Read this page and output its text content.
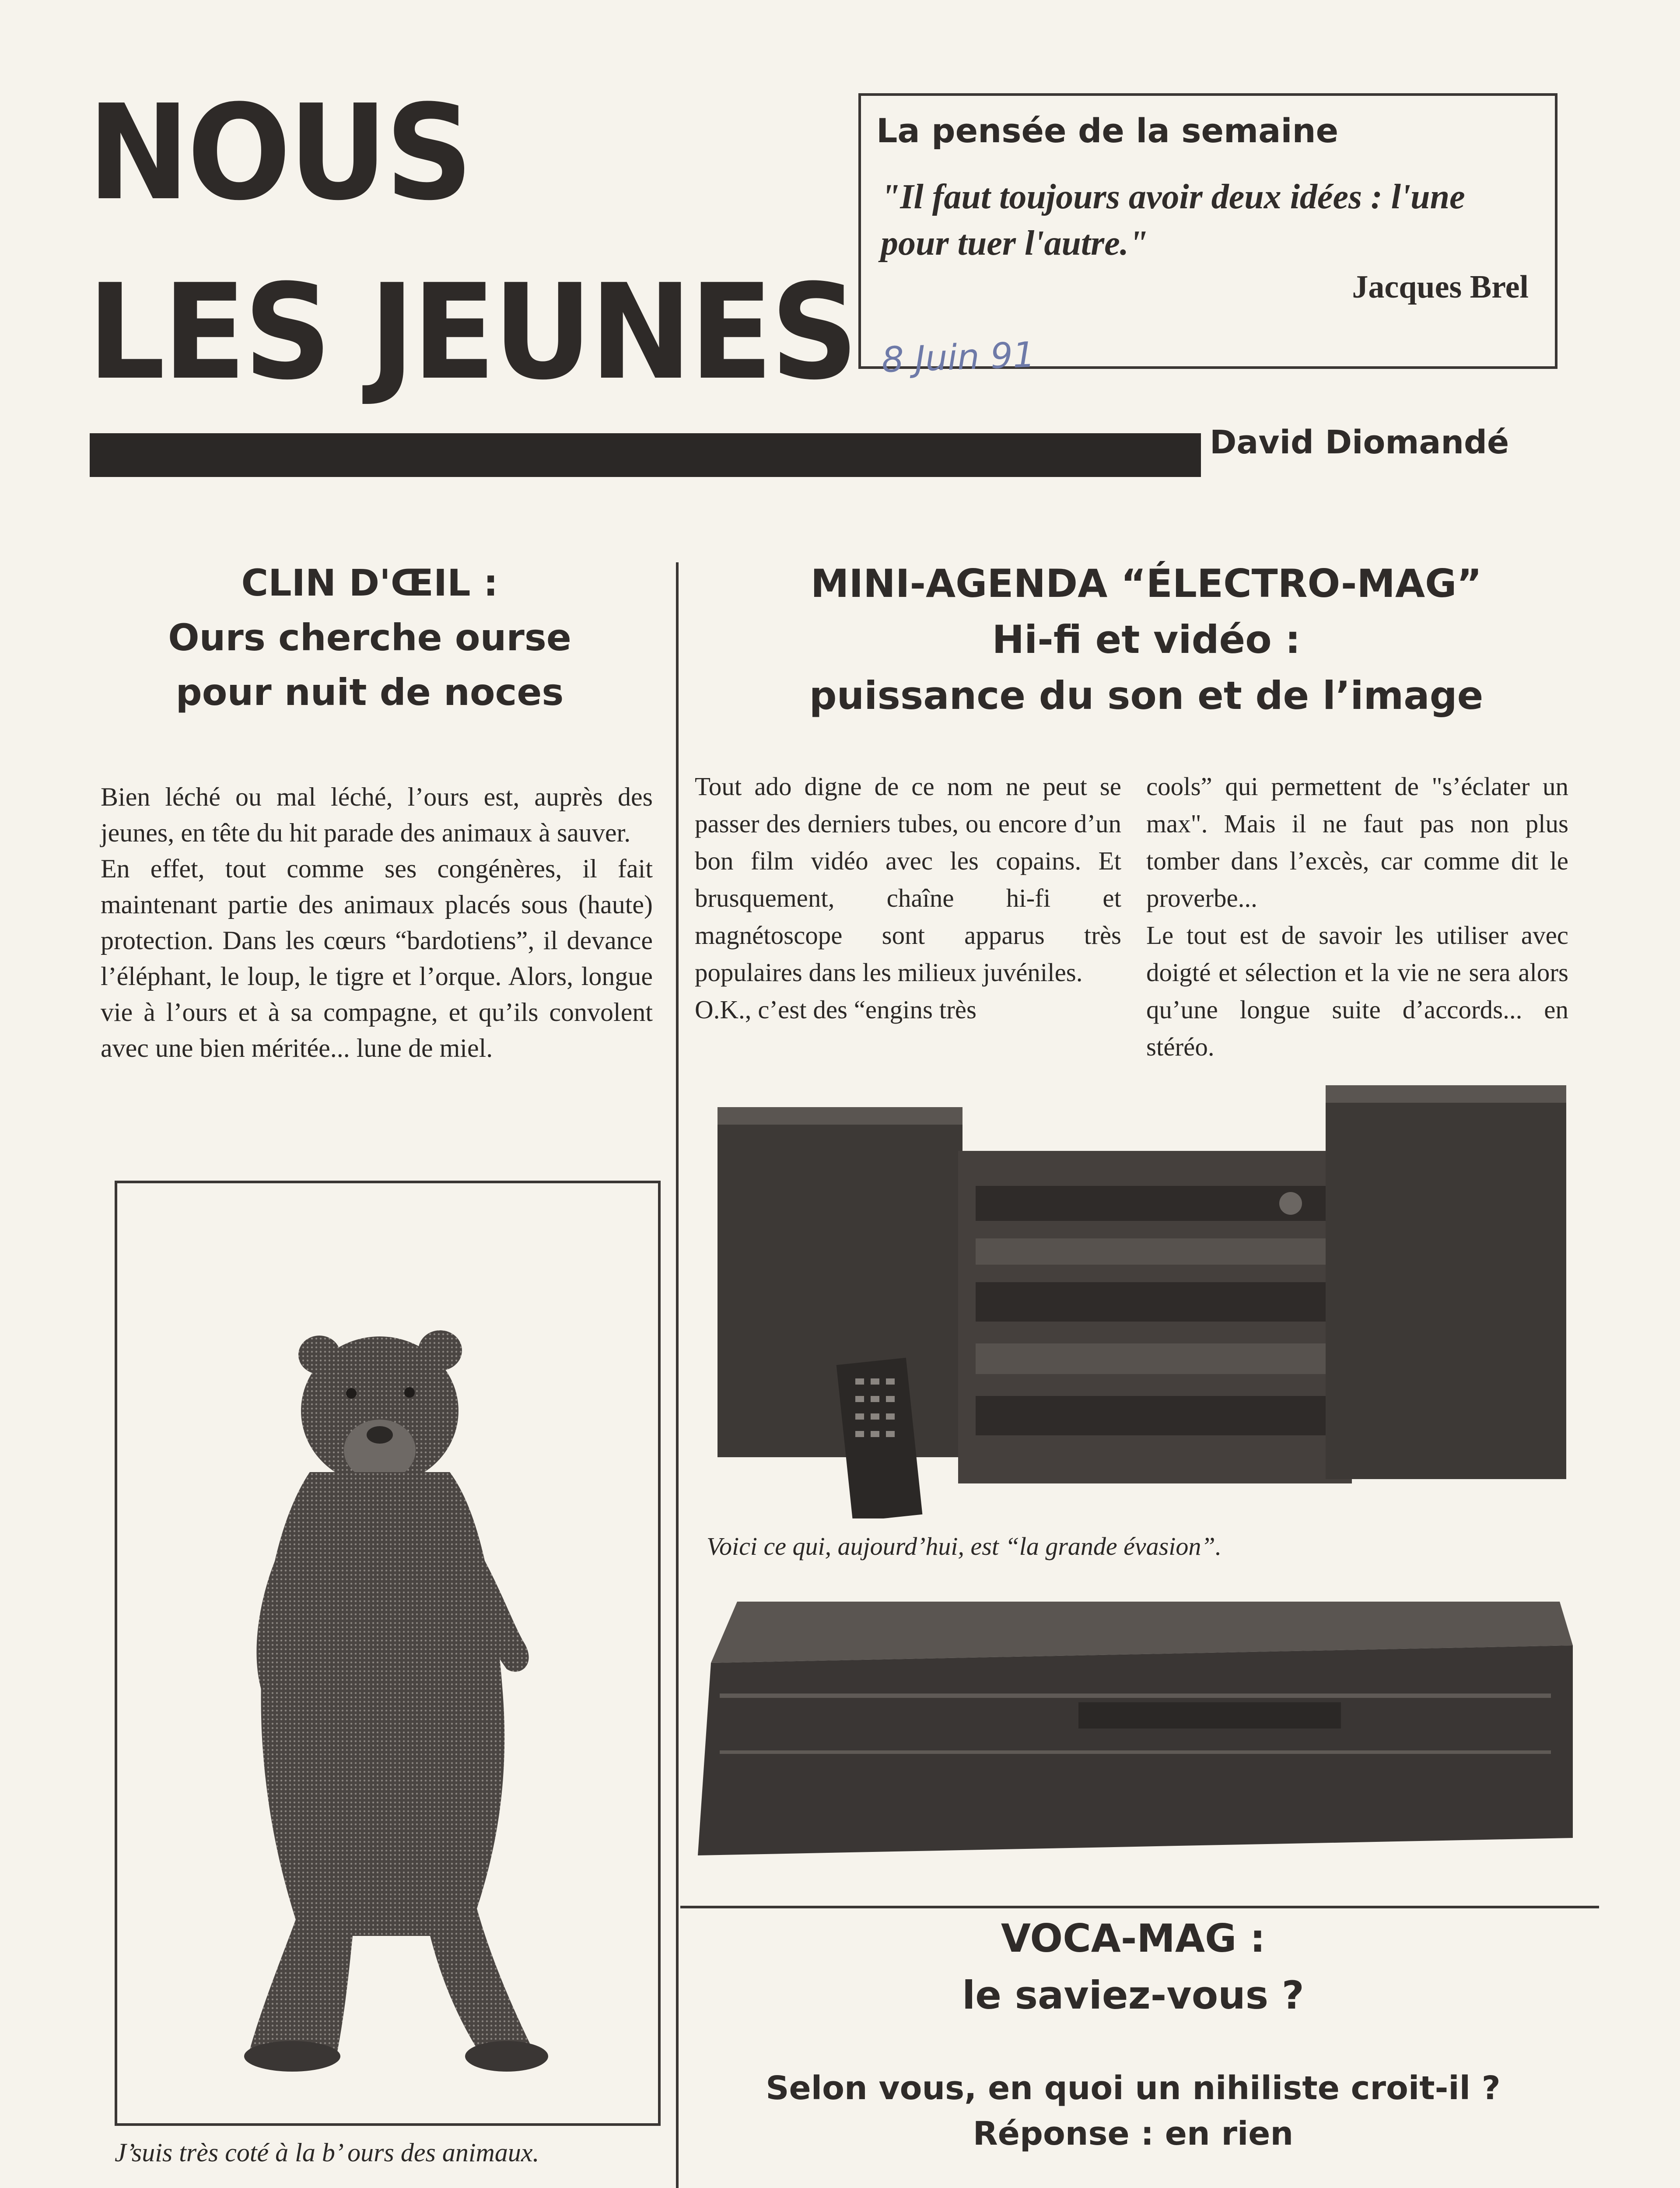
NOUS
LES JEUNES
La pensée de la semaine
"Il faut toujours avoir deux idées : l'une pour tuer l'autre."
Jacques Brel
8 Juin 91
David Diomandé
CLIN D'ŒIL :
Ours cherche ourse
pour nuit de noces

Bien léché ou mal léché, l’ours est, auprès des jeunes, en tête du hit parade des animaux à sauver.

En effet, tout comme ses congénères, il fait maintenant partie des animaux placés sous (haute) protection. Dans les cœurs “bardotiens”, il devance l’éléphant, le loup, le tigre et l’orque. Alors, longue vie à l’ours et à sa compagne, et qu’ils convolent avec une bien méritée... lune de miel.

J’suis très coté à la b’ ours des animaux.
MINI-AGENDA “ÉLECTRO-MAG”
Hi-fi et vidéo :
puissance du son et de l’image

Tout ado digne de ce nom ne peut se passer des derniers tubes, ou encore d’un bon film vidéo avec les copains. Et brusquement, chaîne hi-fi et magnétoscope sont apparus très populaires dans les milieux juvéniles.

O.K., c’est des “engins très

cools” qui permettent de "s’éclater un max". Mais il ne faut pas non plus tomber dans l’excès, car comme dit le proverbe...

Le tout est de savoir les utiliser avec doigté et sélection et la vie ne sera alors qu’une longue suite d’accords... en stéréo.

Voici ce qui, aujourd’hui, est “la grande évasion”.
VOCA-MAG :
le saviez-vous ?
Selon vous, en quoi un nihiliste croit-il ?
Réponse : en rien
